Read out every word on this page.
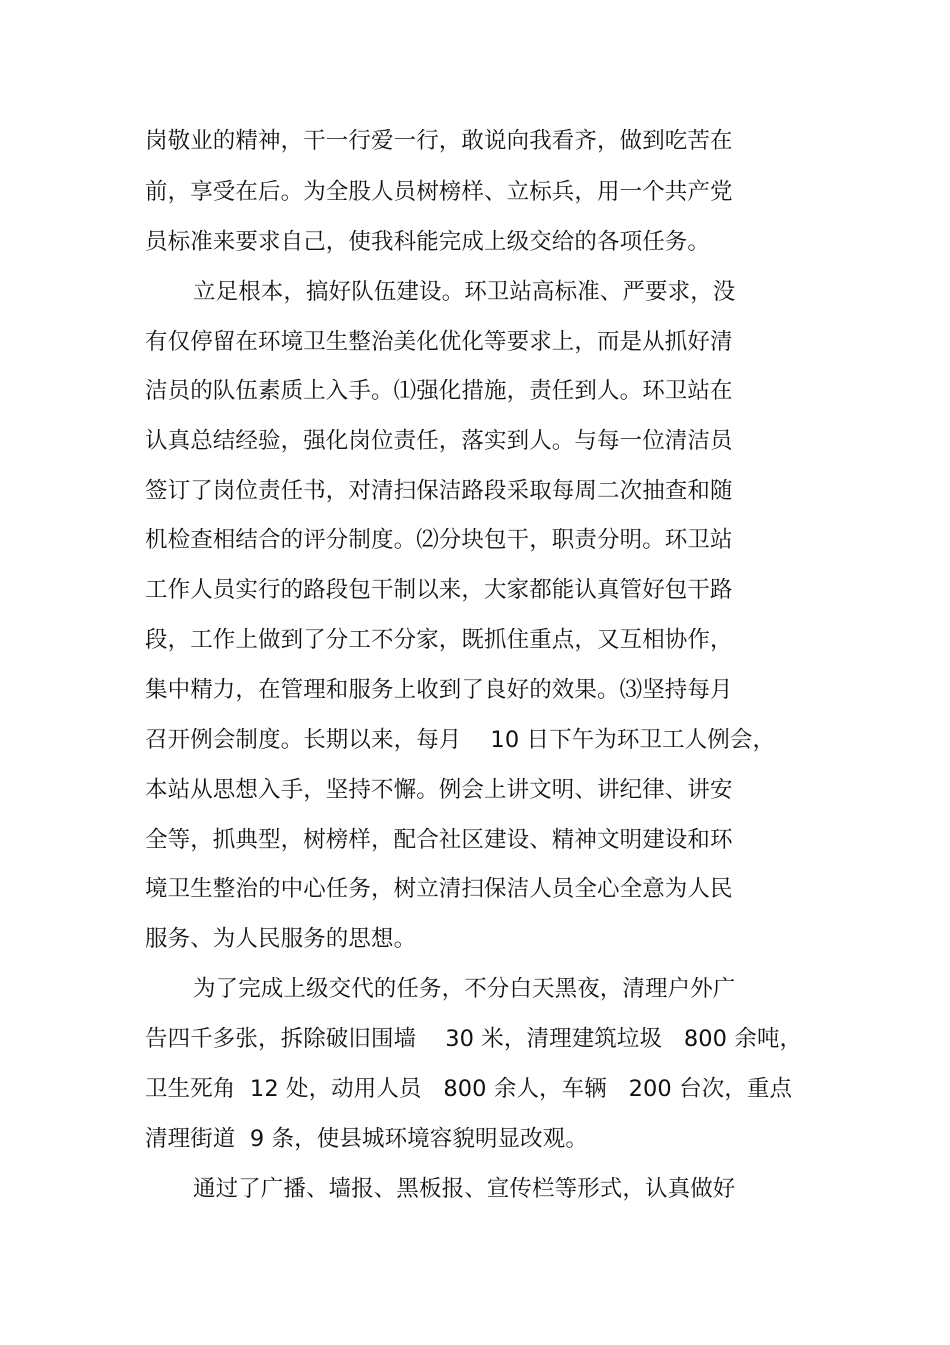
岗敬业的精神，干一行爱一行，敢说向我看齐，做到吃苦在

前，享受在后。为全股人员树榜样、立标兵，用一个共产党

员标准来要求自己，使我科能完成上级交给的各项任务。

立足根本，搞好队伍建设。环卫站高标准、严要求，没

有仅停留在环境卫生整治美化优化等要求上，而是从抓好清

洁员的队伍素质上入手。⑴强化措施，责任到人。环卫站在

认真总结经验，强化岗位责任，落实到人。与每一位清洁员

签订了岗位责任书，对清扫保洁路段采取每周二次抽查和随

机检查相结合的评分制度。⑵分块包干，职责分明。环卫站

工作人员实行的路段包干制以来，大家都能认真管好包干路

段，工作上做到了分工不分家，既抓住重点，又互相协作，

集中精力，在管理和服务上收到了良好的效果。⑶坚持每月

召开例会制度。长期以来，每月    10 日下午为环卫工人例会，

本站从思想入手，坚持不懈。例会上讲文明、讲纪律、讲安

全等，抓典型，树榜样，配合社区建设、精神文明建设和环

境卫生整治的中心任务，树立清扫保洁人员全心全意为人民

服务、为人民服务的思想。

为了完成上级交代的任务，不分白天黑夜，清理户外广

告四千多张，拆除破旧围墙    30 米，清理建筑垃圾   800 余吨，

卫生死角  12 处，动用人员   800 余人，车辆   200 台次，重点

清理街道  9 条，使县城环境容貌明显改观。

通过了广播、墙报、黑板报、宣传栏等形式，认真做好
